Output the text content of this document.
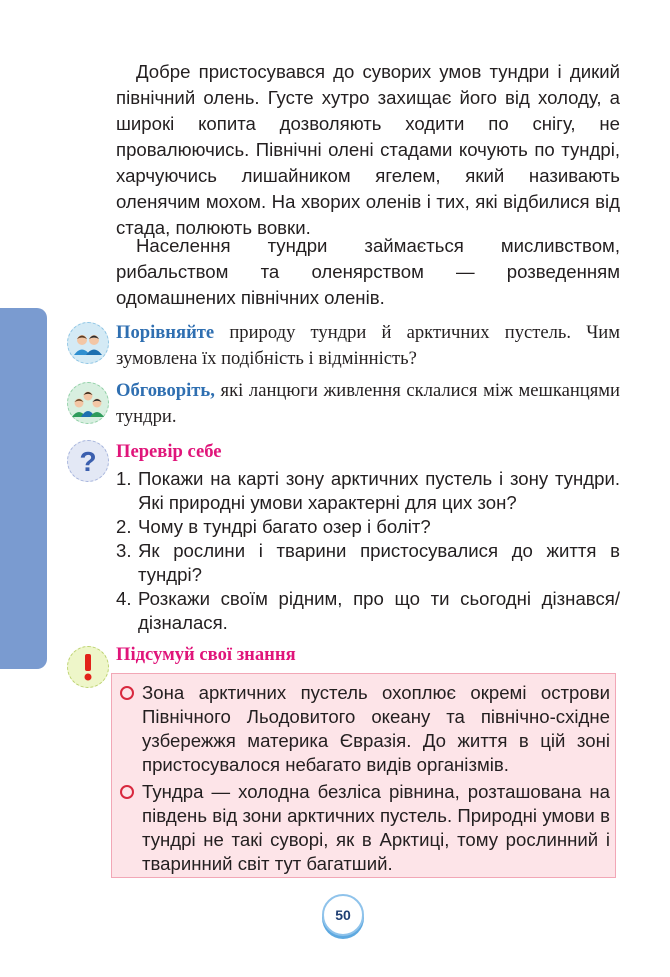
Добре пристосувався до суворих умов тундри і дикий північний олень. Густе хутро захищає його від холоду, а широкі копита дозволяють ходити по снігу, не провалюючись. Північні олені стадами кочують по тундрі, харчуючись лишайником ягелем, який називають оленячим мохом. На хворих оленів і тих, які відбилися від стада, полюють вовки.

Населення тундри займається мисливством, рибальством та оленярством — розведенням одомашнених північних оленів.

Порівняйте природу тундри й арктичних пустель. Чим зумовлена їх подібність і відмінність?

Обговоріть, які ланцюги живлення склалися між мешканцями тундри.

? Перевір себе
1. Покажи на карті зону арктичних пустель і зону тундри. Які природні умови характерні для цих зон?
2. Чому в тундрі багато озер і боліт?
3. Як рослини і тварини пристосувалися до життя в тундрі?
4. Розкажи своїм рідним, про що ти сьогодні дізнався/ дізналася.
Підсумуй свої знання
Зона арктичних пустель охоплює окремі острови Північного Льодовитого океану та північно-східне узбережжя материка Євразія. До життя в цій зоні пристосувалося небагато видів організмів.
Тундра — холодна безліса рівнина, розташована на південь від зони арктичних пустель. Природні умови в тундрі не такі суворі, як в Арктиці, тому рослинний і тваринний світ тут багатший.
50
